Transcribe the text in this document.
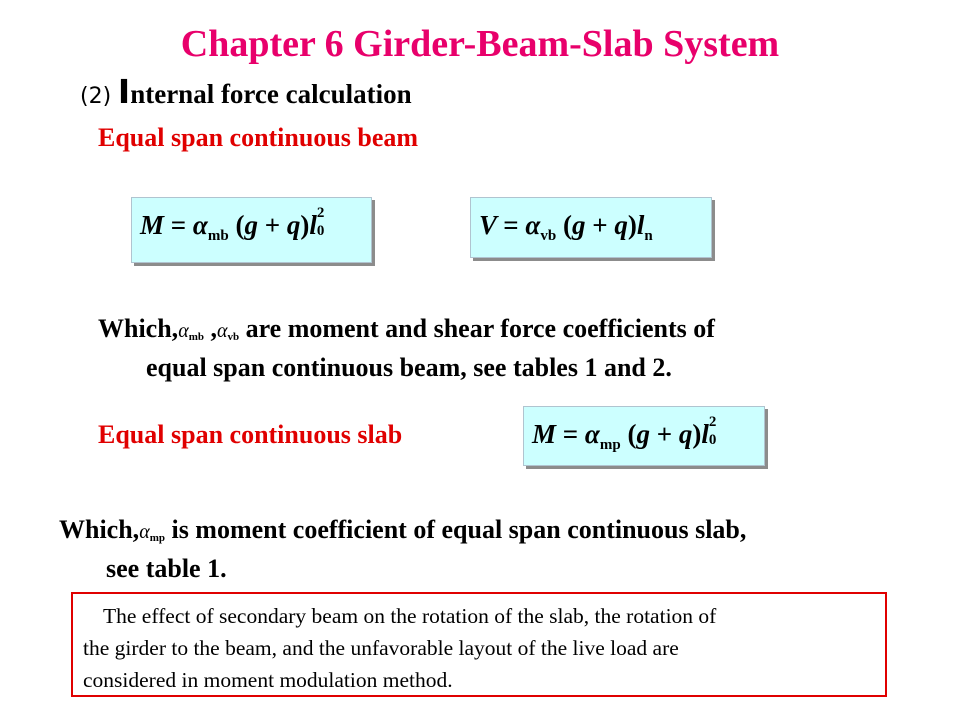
Chapter 6 Girder-Beam-Slab System
(2) Internal force calculation
Equal span continuous beam
$M = \alpha_{mb}$ (g + q)l 2
0	$V = \alpha_{vb}$ $(g + q)l_n$
Which,αmb ,αvb are moment and shear force coefficients of
equal span continuous beam, see tables 1 and 2.
Equal span continuous slab	$M = \alpha_{mp}$ (g + q)l 2
0
Which,αmp is moment coefficient of equal span continuous slab,
see table 1.
The effect of secondary beam on the rotation of the slab, the rotation of
the girder to the beam, and the unfavorable layout of the live load are
considered in moment modulation method.
